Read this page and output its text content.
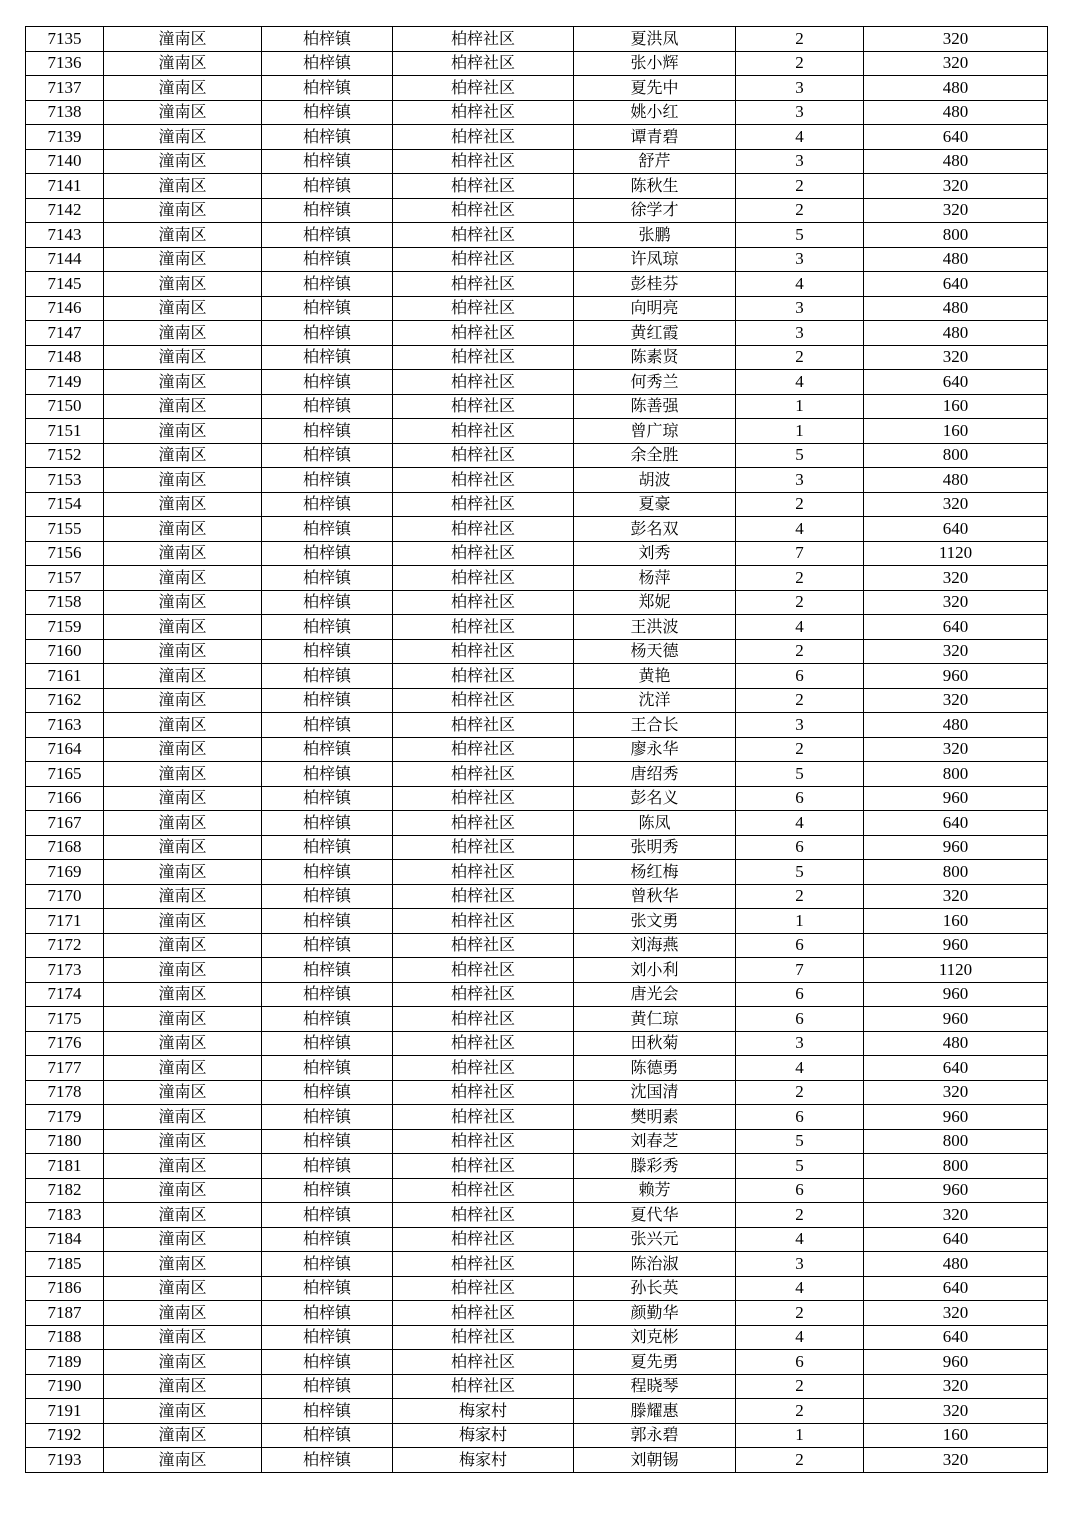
7135	潼南区	柏梓镇	柏梓社区	夏洪凤	2	320
7136	潼南区	柏梓镇	柏梓社区	张小辉	2	320
7137	潼南区	柏梓镇	柏梓社区	夏先中	3	480
7138	潼南区	柏梓镇	柏梓社区	姚小红	3	480
7139	潼南区	柏梓镇	柏梓社区	谭青碧	4	640
7140	潼南区	柏梓镇	柏梓社区	舒芹	3	480
7141	潼南区	柏梓镇	柏梓社区	陈秋生	2	320
7142	潼南区	柏梓镇	柏梓社区	徐学才	2	320
7143	潼南区	柏梓镇	柏梓社区	张鹏	5	800
7144	潼南区	柏梓镇	柏梓社区	许凤琼	3	480
7145	潼南区	柏梓镇	柏梓社区	彭桂芬	4	640
7146	潼南区	柏梓镇	柏梓社区	向明亮	3	480
7147	潼南区	柏梓镇	柏梓社区	黄红霞	3	480
7148	潼南区	柏梓镇	柏梓社区	陈素贤	2	320
7149	潼南区	柏梓镇	柏梓社区	何秀兰	4	640
7150	潼南区	柏梓镇	柏梓社区	陈善强	1	160
7151	潼南区	柏梓镇	柏梓社区	曾广琼	1	160
7152	潼南区	柏梓镇	柏梓社区	余全胜	5	800
7153	潼南区	柏梓镇	柏梓社区	胡波	3	480
7154	潼南区	柏梓镇	柏梓社区	夏豪	2	320
7155	潼南区	柏梓镇	柏梓社区	彭名双	4	640
7156	潼南区	柏梓镇	柏梓社区	刘秀	7	1120
7157	潼南区	柏梓镇	柏梓社区	杨萍	2	320
7158	潼南区	柏梓镇	柏梓社区	郑妮	2	320
7159	潼南区	柏梓镇	柏梓社区	王洪波	4	640
7160	潼南区	柏梓镇	柏梓社区	杨天德	2	320
7161	潼南区	柏梓镇	柏梓社区	黄艳	6	960
7162	潼南区	柏梓镇	柏梓社区	沈洋	2	320
7163	潼南区	柏梓镇	柏梓社区	王合长	3	480
7164	潼南区	柏梓镇	柏梓社区	廖永华	2	320
7165	潼南区	柏梓镇	柏梓社区	唐绍秀	5	800
7166	潼南区	柏梓镇	柏梓社区	彭名义	6	960
7167	潼南区	柏梓镇	柏梓社区	陈凤	4	640
7168	潼南区	柏梓镇	柏梓社区	张明秀	6	960
7169	潼南区	柏梓镇	柏梓社区	杨红梅	5	800
7170	潼南区	柏梓镇	柏梓社区	曾秋华	2	320
7171	潼南区	柏梓镇	柏梓社区	张文勇	1	160
7172	潼南区	柏梓镇	柏梓社区	刘海燕	6	960
7173	潼南区	柏梓镇	柏梓社区	刘小利	7	1120
7174	潼南区	柏梓镇	柏梓社区	唐光会	6	960
7175	潼南区	柏梓镇	柏梓社区	黄仁琼	6	960
7176	潼南区	柏梓镇	柏梓社区	田秋菊	3	480
7177	潼南区	柏梓镇	柏梓社区	陈德勇	4	640
7178	潼南区	柏梓镇	柏梓社区	沈国清	2	320
7179	潼南区	柏梓镇	柏梓社区	樊明素	6	960
7180	潼南区	柏梓镇	柏梓社区	刘春芝	5	800
7181	潼南区	柏梓镇	柏梓社区	滕彩秀	5	800
7182	潼南区	柏梓镇	柏梓社区	赖芳	6	960
7183	潼南区	柏梓镇	柏梓社区	夏代华	2	320
7184	潼南区	柏梓镇	柏梓社区	张兴元	4	640
7185	潼南区	柏梓镇	柏梓社区	陈治淑	3	480
7186	潼南区	柏梓镇	柏梓社区	孙长英	4	640
7187	潼南区	柏梓镇	柏梓社区	颜勤华	2	320
7188	潼南区	柏梓镇	柏梓社区	刘克彬	4	640
7189	潼南区	柏梓镇	柏梓社区	夏先勇	6	960
7190	潼南区	柏梓镇	柏梓社区	程晓琴	2	320
7191	潼南区	柏梓镇	梅家村	滕耀惠	2	320
7192	潼南区	柏梓镇	梅家村	郭永碧	1	160
7193	潼南区	柏梓镇	梅家村	刘朝锡	2	320
